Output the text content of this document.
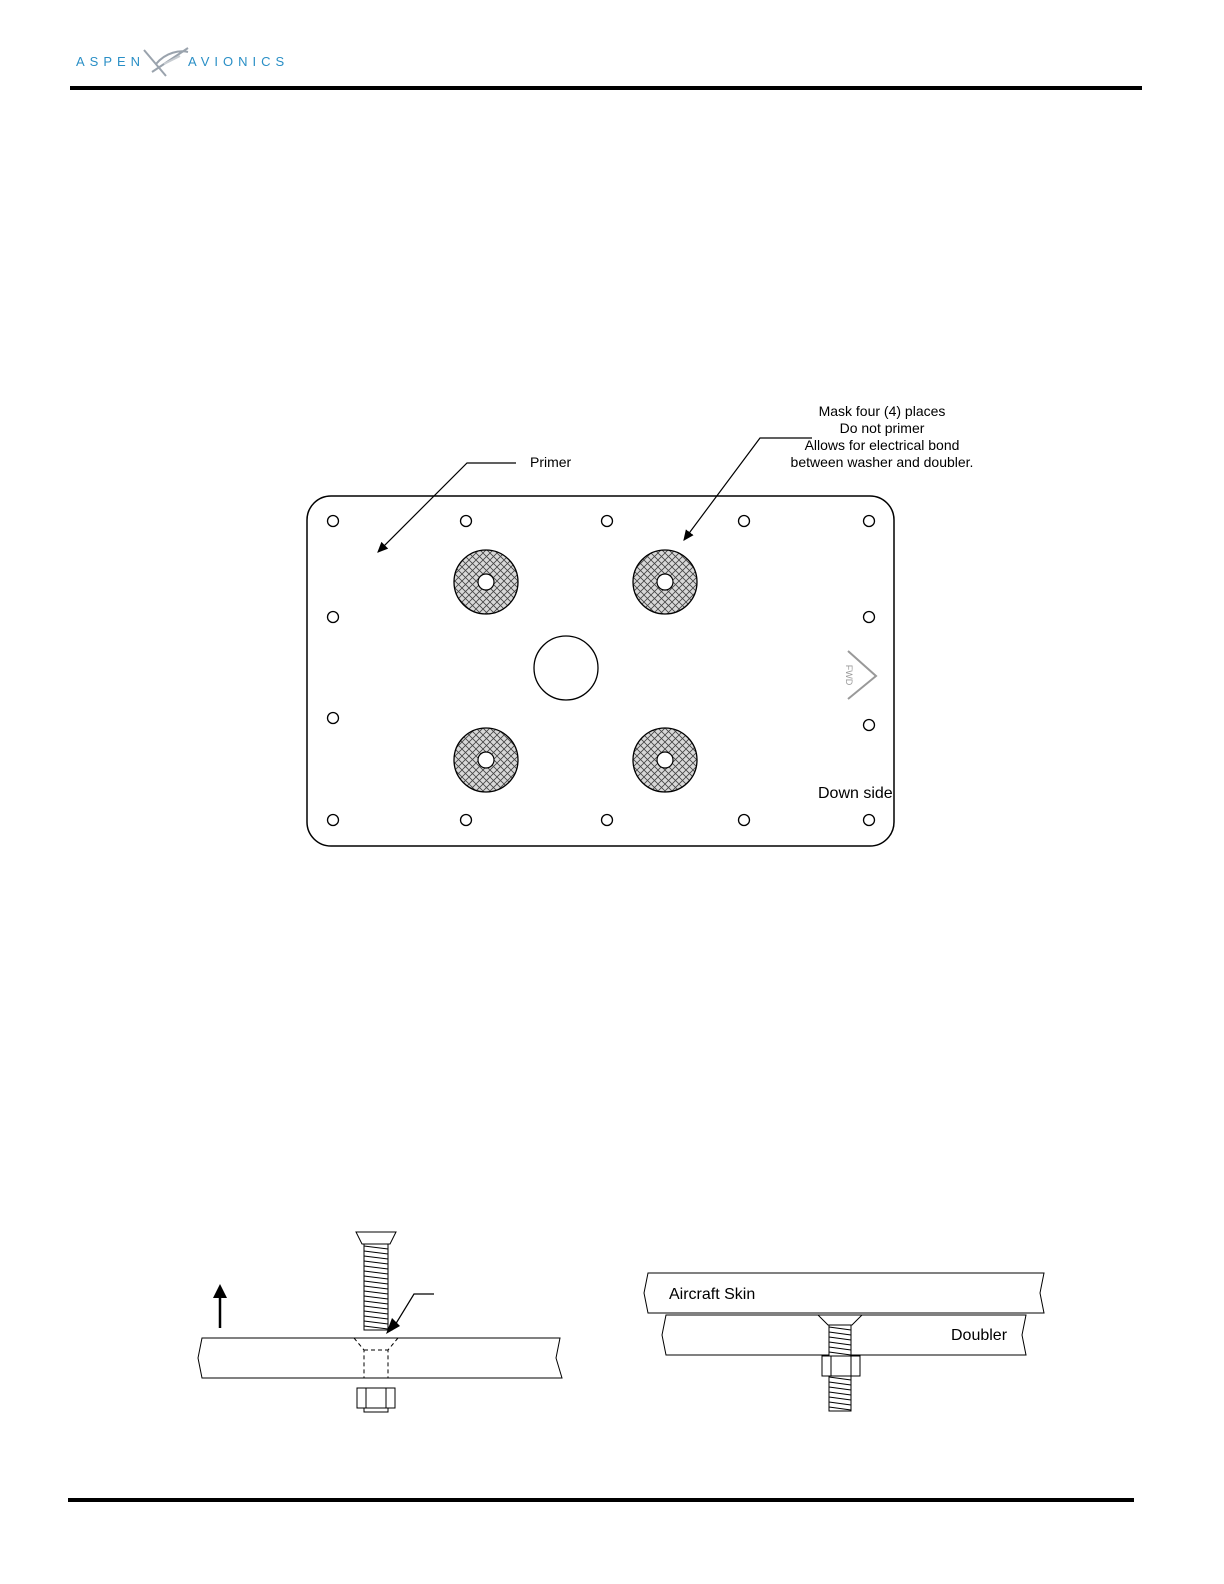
ASPEN	AVIONICS
FWD
Down side
Primer
Mask four (4) places
Do not primer
Allows for electrical bond
between washer and doubler.
Aircraft Skin
Doubler
